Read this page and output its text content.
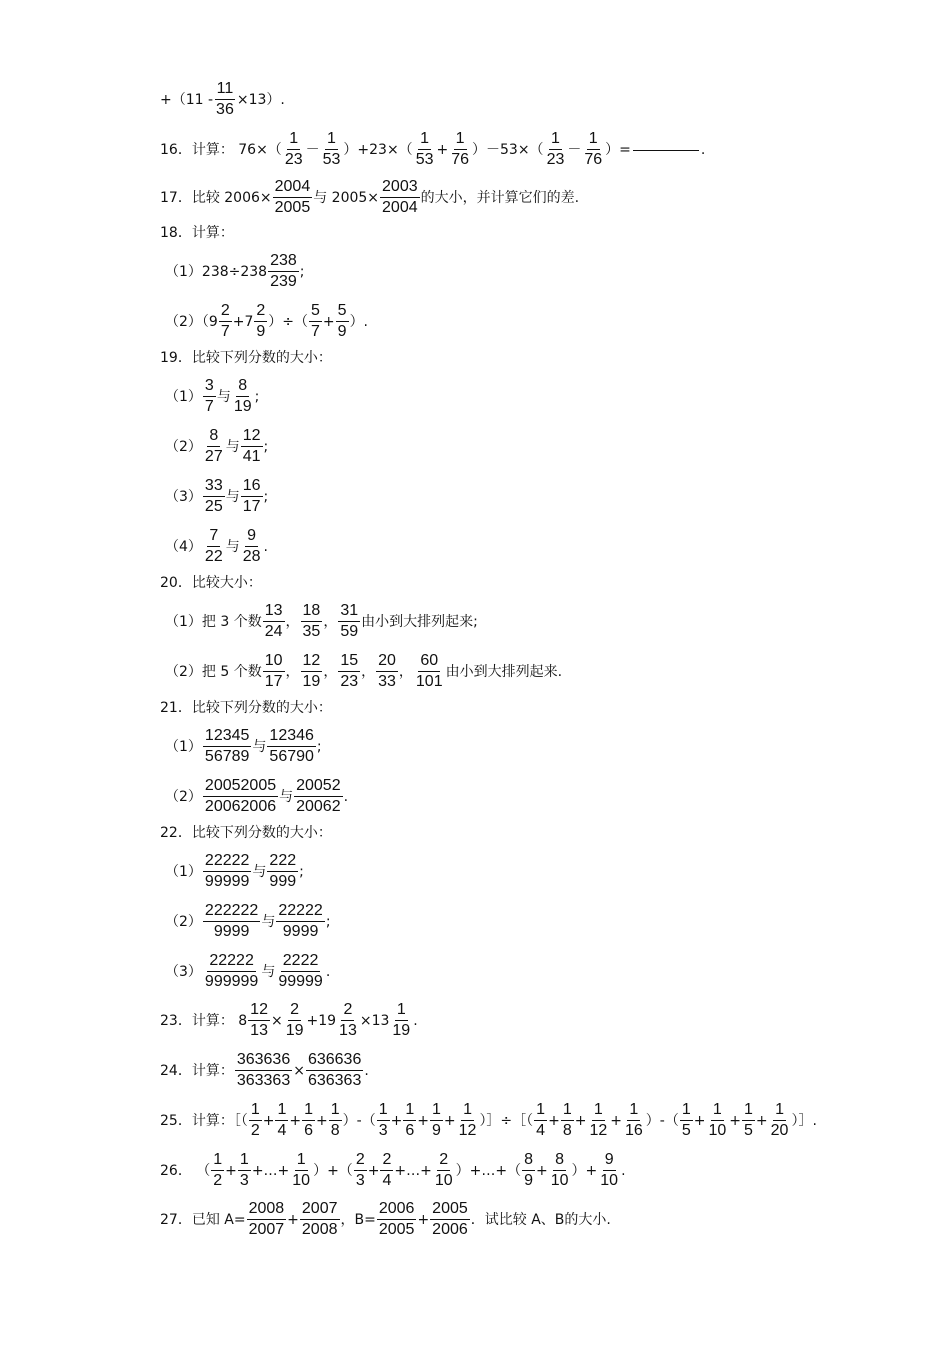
$+(11 - \frac{11}{36} \times 13)$.
16．计算： $76\times( \frac{1}{23} - \frac{1}{53} )+23\times( \frac{1}{53} + \frac{1}{76} )-53\times( \frac{1}{23} - \frac{1}{76}$ ）=	.
17．比较 $2006\times \frac{2004}{2005}$ 与 $2005\times \frac{2003}{2004}$ 的大小，并计算它们的差.
18．计算：
$(1)238\div 238 \frac{238}{239}$ ;
$(2)(9 \frac{2}{7} +7 \frac{2}{9}$ ）÷（ $\frac{5}{7} + \frac{5}{9}$ ）.
19．比较下列分数的大小：
$(1) \frac{3}{7}$ 与 $\frac{8}{19}$ ;
$(2) \frac{8}{27}$ 与 $\frac{12}{41}$ ;
$(3) \frac{33}{25}$ 与 $\frac{16}{17}$ ;
$(4) \frac{7}{22}$ 与 $\frac{9}{28}$ .
20．比较大小：
（1）把 3 个数 $\frac{13}{24}$ ， $\frac{18}{35}$ ， $\frac{31}{59}$ 由小到大排列起来;
（2）把 5 个数 $\frac{10}{17}$ ， $\frac{12}{19}$ ， $\frac{15}{23}$ ， $\frac{20}{33}$ ， $\frac{60}{101}$ 由小到大排列起来.
21．比较下列分数的大小：
$(1) \frac{12345}{56789}$ 与 $\frac{12346}{56790}$ ;
$(2) \frac{20052005}{20062006}$ 与 $\frac{20052}{20062}$ .
22．比较下列分数的大小：
$(1) \frac{22222}{99999}$ 与 $\frac{222}{999}$ ;
$(2) \frac{222222}{9999}$ 与 $\frac{22222}{9999}$ ;
$(3) \frac{22222}{999999}$ 与 $\frac{2222}{99999}$ .
23．计算： $8 \frac{12}{13} \times \frac{2}{19} +19 \frac{2}{13} \times 13 \frac{1}{19}$ .
24．计算： $\frac{363636}{363363} \times \frac{636636}{636363}$ .
25．计算：［（ $\frac{1}{2} + \frac{1}{4} + \frac{1}{6} + \frac{1}{8}$ ）-（ $\frac{1}{3} + \frac{1}{6} + \frac{1}{9} + \frac{1}{12}$ ）］÷［（ $\frac{1}{4} + \frac{1}{8} + \frac{1}{12} + \frac{1}{16}$ ）-（ $\frac{1}{5} + \frac{1}{10} + \frac{1}{5} + \frac{1}{20}$ ）］.
26． （ $\frac{1}{2} + \frac{1}{3}$ +…+ $\frac{1}{10}$ ）+（ $\frac{2}{3} + \frac{2}{4}$ +…+ $\frac{2}{10}$ ）+…+（ $\frac{8}{9} + \frac{8}{10}$ ）+ $\frac{9}{10}$ .
27．已知 $A= \frac{2008}{2007} + \frac{2007}{2008}$ ，$B= \frac{2006}{2005} + \frac{2005}{2006}$ ．试比较 A、B的大小.
